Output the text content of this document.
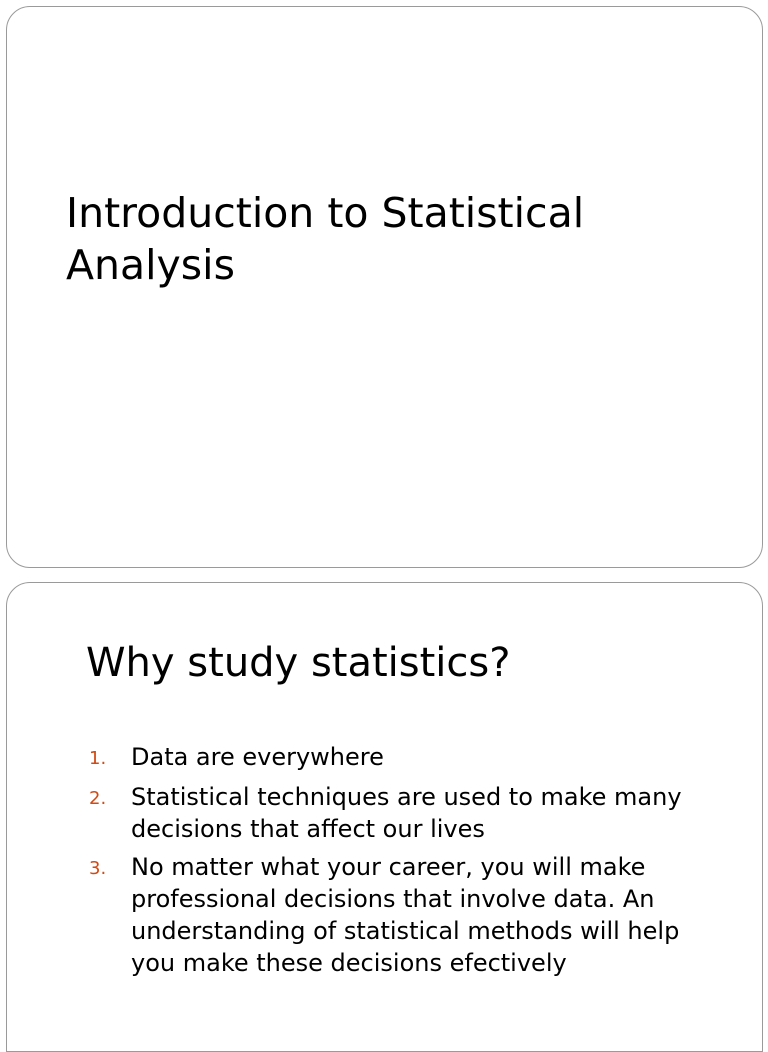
Introduction to Statistical Analysis
Why study statistics?
1.	Data are everywhere
2.	Statistical techniques are used to make many decisions that affect our lives
3.	No matter what your career, you will make professional decisions that involve data. An understanding of statistical methods will help you make these decisions efectively
